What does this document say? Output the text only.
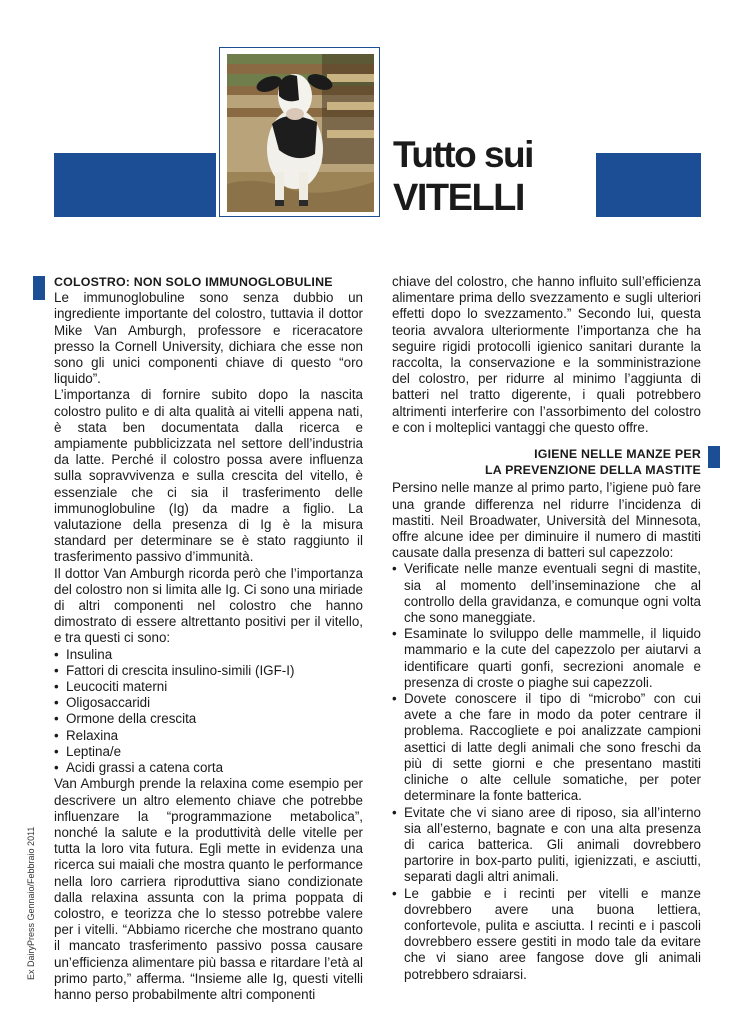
Tutto sui
VITELLI

COLOSTRO: NON SOLO IMMUNOGLOBULINE

Le immunoglobuline sono senza dubbio un ingrediente importante del colostro, tuttavia il dottor Mike Van Amburgh, professore e riceracatore presso la Cornell University, dichiara che esse non sono gli unici componenti chiave di questo “oro liquido”.

L’importanza di fornire subito dopo la nascita colostro pulito e di alta qualità ai vitelli appena nati, è stata ben documentata dalla ricerca e ampiamente pubblicizzata nel settore dell’industria da latte. Perché il colostro possa avere influenza sulla sopravvivenza e sulla crescita del vitello, è essenziale che ci sia il trasferimento delle immunoglobuline (Ig) da madre a figlio. La valutazione della presenza di Ig è la misura standard per determinare se è stato raggiunto il trasferimento passivo d’immunità.

Il dottor Van Amburgh ricorda però che l’importanza del colostro non si limita alle Ig. Ci sono una miriade di altri componenti nel colostro che hanno dimostrato di essere altrettanto positivi per il vitello, e tra questi ci sono:

• Insulina
• Fattori di crescita insulino-simili (IGF-I)
• Leucociti materni
• Oligosaccaridi
• Ormone della crescita
• Relaxina
• Leptina/e
• Acidi grassi a catena corta

Van Amburgh prende la relaxina come esempio per descrivere un altro elemento chiave che potrebbe influenzare la “programmazione metabolica”, nonché la salute e la produttività delle vitelle per tutta la loro vita futura. Egli mette in evidenza una ricerca sui maiali che mostra quanto le performance nella loro carriera riproduttiva siano condizionate dalla relaxina assunta con la prima poppata di colostro, e teorizza che lo stesso potrebbe valere per i vitelli. “Abbiamo ricerche che mostrano quanto il mancato trasferimento passivo possa causare un’efficienza alimentare più bassa e ritardare l’età al primo parto,” afferma. “Insieme alle Ig, questi vitelli hanno perso probabilmente altri componenti

chiave del colostro, che hanno influito sull’efficienza alimentare prima dello svezzamento e sugli ulteriori effetti dopo lo svezzamento.” Secondo lui, questa teoria avvalora ulteriormente l’importanza che ha seguire rigidi protocolli igienico sanitari durante la raccolta, la conservazione e la somministrazione del colostro, per ridurre al minimo l’aggiunta di batteri nel tratto digerente, i quali potrebbero altrimenti interferire con l’assorbimento del colostro e con i molteplici vantaggi che questo offre.

IGIENE NELLE MANZE PER
LA PREVENZIONE DELLA MASTITE

Persino nelle manze al primo parto, l’igiene può fare una grande differenza nel ridurre l’incidenza di mastiti. Neil Broadwater, Università del Minnesota, offre alcune idee per diminuire il numero di mastiti causate dalla presenza di batteri sul capezzolo:

• Verificate nelle manze eventuali segni di mastite, sia al momento dell’inseminazione che al controllo della gravidanza, e comunque ogni volta che sono maneggiate.
• Esaminate lo sviluppo delle mammelle, il liquido mammario e la cute del capezzolo per aiutarvi a identificare quarti gonfi, secrezioni anomale e presenza di croste o piaghe sui capezzoli.
• Dovete conoscere il tipo di “microbo” con cui avete a che fare in modo da poter centrare il problema. Raccogliete e poi analizzate campioni asettici di latte degli animali che sono freschi da più di sette giorni e che presentano mastiti cliniche o alte cellule somatiche, per poter determinare la fonte batterica.
• Evitate che vi siano aree di riposo, sia all’interno sia all’esterno, bagnate e con una alta presenza di carica batterica. Gli animali dovrebbero partorire in box-parto puliti, igienizzati, e asciutti, separati dagli altri animali.
• Le gabbie e i recinti per vitelli e manze dovrebbero avere una buona lettiera, confortevole, pulita e asciutta. I recinti e i pascoli dovrebbero essere gestiti in modo tale da evitare che vi siano aree fangose dove gli animali potrebbero sdraiarsi.
Ex DairyPress Gennaio/Febbraio 2011
